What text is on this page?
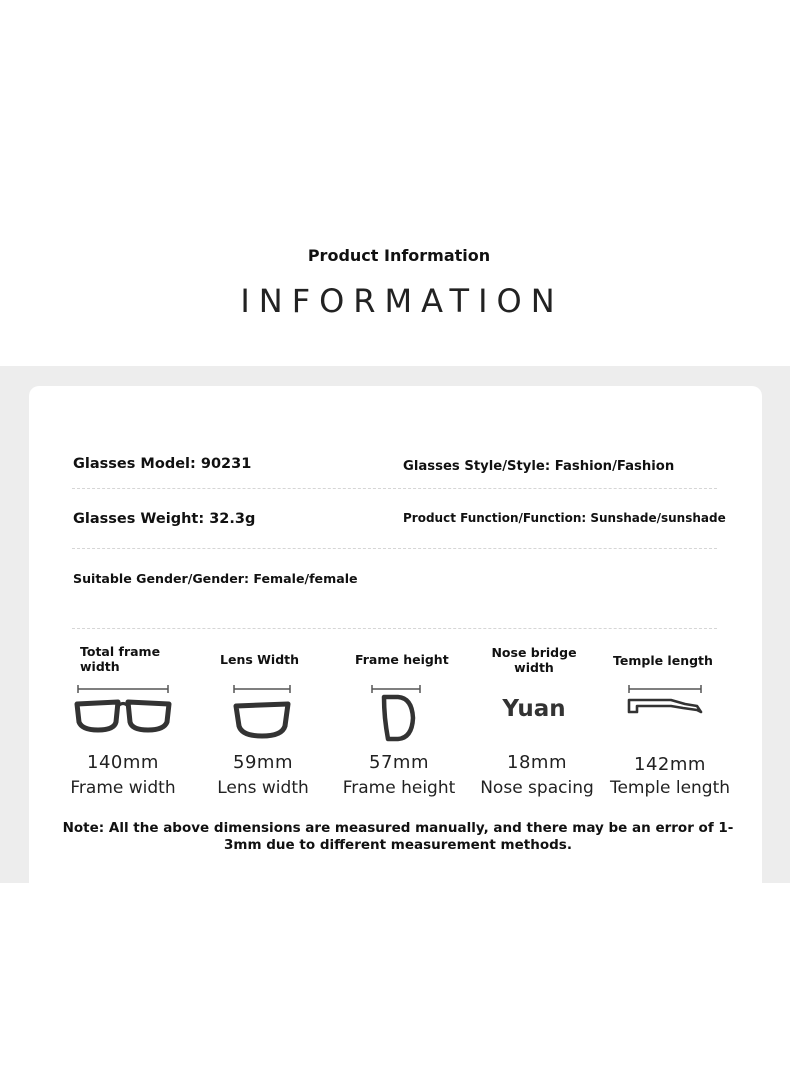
Product Information
INFORMATION
Glasses Model: 90231	Glasses Style/Style: Fashion/Fashion
Glasses Weight: 32.3g	Product Function/Function: Sunshade/sunshade
Suitable Gender/Gender: Female/female
Total frame width
140mm
Frame width
Lens Width
59mm
Lens width
Frame height
57mm
Frame height
Nose bridge width
Yuan
18mm
Nose spacing
Temple length
142mm
Temple length
Note: All the above dimensions are measured manually, and there may be an error of 1-3mm due to different measurement methods.
